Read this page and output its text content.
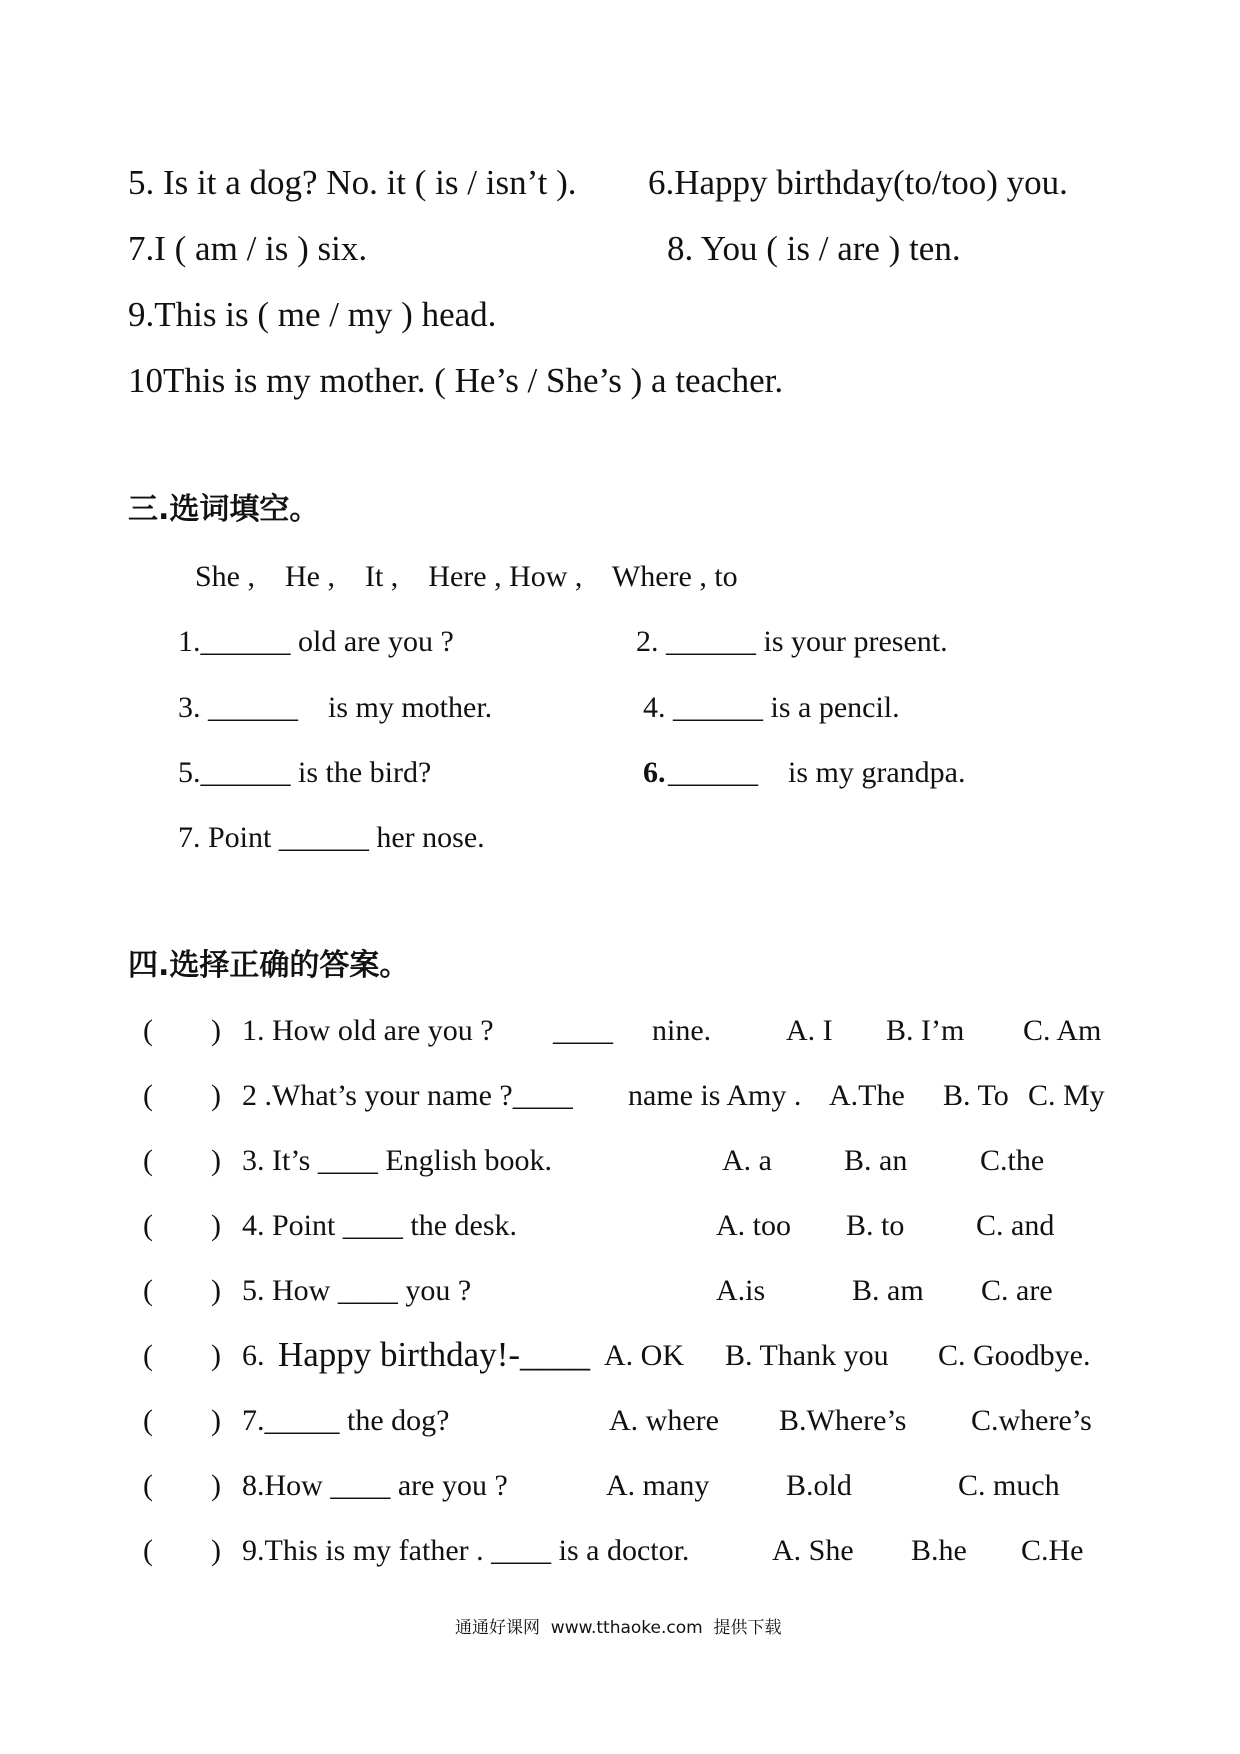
5. Is it a dog? No. it ( is / isn’t ). 6.Happy birthday(to/too) you.
7.I ( am / is ) six.	8. You ( is / are ) ten.
9.This is ( me / my ) head.
10This is my mother. ( He’s / She’s ) a teacher.
三.选词填空。
She ,    He ,    It ,    Here , How ,    Where , to
1.______ old are you ?	2. ______ is your present.
3. ______    is my mother.	4. ______ is a pencil.
5.______ is the bird?	6. ______    is my grandpa.
7. Point ______ her nose.
四.选择正确的答案。
( ) 1. How old are you ? ____ nine. A. I B. I’m C. Am
( ) 2 .What’s your name ?____ name is Amy . A.The B. To C. My
( ) 3. It’s ____ English book.	A. a B. an C.the
( ) 4. Point ____ the desk.	A. too B. to C. and
( ) 5. How ____ you ?	A.is	B. am C. are
( ) 6. Happy birthday!-____ A. OK B. Thank you C. Goodbye.
( ) 7._____ the dog?	A. where B.Where’s C.where’s
( ) 8.How ____ are you ?	A. many	B.old	C. much
( ) 9.This is my father . ____ is a doctor.	A. She B.he C.He
通通好课网  www.tthaoke.com  提供下载
